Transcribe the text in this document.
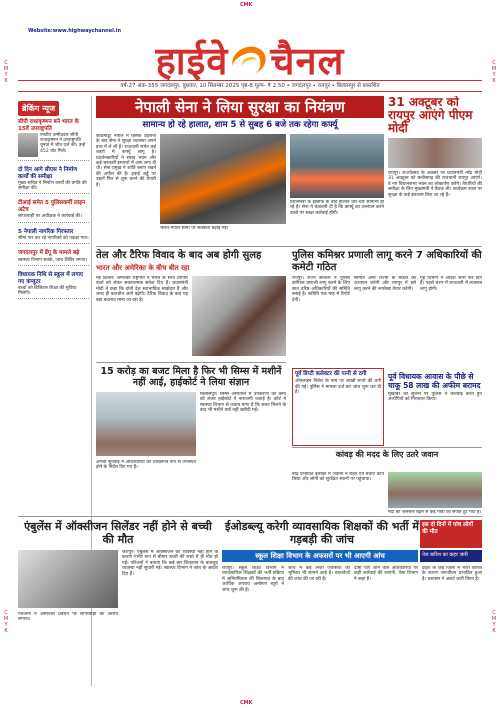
CMK
CMK
C
M
Y
K
C
M
Y
K
C
M
Y
K
C
M
Y
K
Website:www.highwaychannel.in
हाईवे चैनल
वर्ष-27 अंक-355 जगदलपुर, बुधवार, 10 सितम्बर 2025 पृष्ठ-8 मूल्य- ₹ 2.50 • जगदलपुर • रायपुर • बिलासपुर से प्रकाशित
ब्रेकिंग न्यूज
सीपी राधाकृष्णन बने भारत के 15वें उपराष्ट्रपति
एनडीए उम्मीदवार सीपी राधाकृष्णन ने उपराष्ट्रपति चुनाव में जीत दर्ज की। उन्हें 452 वोट मिले।
दो दिन आगे सीएस ने निर्माण कार्यों की समीक्षा
मुख्य सचिव ने निर्माण कार्यों की प्रगति की समीक्षा की।
टीआई समेत 5 पुलिसकर्मी लाइन अटैच
लापरवाही पर अधीक्षक ने कार्रवाई की।
5 नेपाली नागरिक गिरफ्तार
सीमा पार कर रहे नागरिकों को पकड़ा गया।
जगदलपुर में डेंगू के मामले बढ़े
स्वास्थ्य विभाग सतर्क, जांच शिविर लगाए।
विधायक निधि से स्कूल में लगाए गए कंप्यूटर
बच्चों को डिजिटल शिक्षा की सुविधा मिलेगी।
नेपाली सेना ने लिया सुरक्षा का नियंत्रण
सामान्य हो रहे हालात, शाम 5 से सुबह 6 बजे तक रहेगा कर्फ्यू
काठमांडू। नेपाल में हिंसक प्रदर्शनों के बाद सेना ने सुरक्षा व्यवस्था अपने हाथ में ले ली है। राजधानी समेत कई शहरों में कर्फ्यू लागू है। प्रदर्शनकारियों ने संसद भवन और कई सरकारी इमारतों में आग लगा दी थी। सेना प्रमुख ने शांति बनाए रखने की अपील की है। हवाई अड्डे पर उड़ानें फिर से शुरू करने की तैयारी है।
प्रधानमंत्री के इस्तीफे के बाद हालात धीरे-धीरे सामान्य हो रहे हैं। सेना ने चेतावनी दी है कि कर्फ्यू का उल्लंघन करने वालों पर सख्त कार्रवाई होगी।
भारत-नेपाल सीमा पर सतर्कता बढ़ाई गई।
31 अक्टूबर को रायपुर आएंगे पीएम मोदी
रायपुर। राज्योत्सव के अवसर पर प्रधानमंत्री नरेंद्र मोदी 31 अक्टूबर को छत्तीसगढ़ की राजधानी रायपुर आएंगे। वे नए विधानसभा भवन का लोकार्पण करेंगे। तैयारियों की समीक्षा के लिए मुख्यमंत्री ने बैठक ली। कार्यक्रम स्थल पर सुरक्षा के कड़े इंतजाम किए जा रहे हैं।
तेल और टैरिफ विवाद के बाद अब होगी सुलह
भारत और अमेरिका के बीच बीत रहा
नई दिल्ली। अमेरिकी राष्ट्रपति ने भारत के साथ व्यापार वार्ता को लेकर सकारात्मक संकेत दिए हैं। प्रधानमंत्री मोदी ने कहा कि दोनों देश स्वाभाविक साझेदार हैं और जल्द ही बातचीत आगे बढ़ेगी। टैरिफ विवाद के बाद यह बड़ा बदलाव माना जा रहा है।
पुलिस कमिश्नर प्रणाली लागू करने 7 अधिकारियों की कमेटी गठित
रायपुर। राज्य सरकार ने पुलिस कमिश्नर प्रणाली लागू करने के लिए सात वरिष्ठ अधिकारियों की समिति बनाई है। समिति एक माह में रिपोर्ट देगी।
समिति अन्य राज्यों के मॉडल का अध्ययन करेगी और रायपुर में इसे लागू करने की रूपरेखा तैयार करेगी।
गृह विभाग ने आदेश जारी कर दिए हैं। पहले चरण में राजधानी में व्यवस्था लागू होगी।
15 करोड़ का बजट मिला है फिर भी सिम्स में मशीनें नहीं आई, हाईकोर्ट ने लिया संज्ञान
बिलासपुर। सिम्स अस्पताल में उपकरणों की कमी को लेकर हाईकोर्ट ने नाराजगी जताई है। कोर्ट ने स्वास्थ्य विभाग से जवाब मांगा है कि बजट मिलने के बाद भी मशीनें क्यों नहीं खरीदी गईं।
अगली सुनवाई में अधिकारियों को व्यक्तिगत रूप से उपस्थित होने के निर्देश दिए गए हैं।
पूर्व डिप्टी कलेक्टर की पत्नी से ठगी
ऑनलाइन निवेश के नाम पर लाखों रुपये की ठगी की गई। पुलिस ने मामला दर्ज कर जांच शुरू कर दी है।
पूर्व विधायक आवास के पीछे से चाकू 58 लाख की अफीम बरामद
मुखबिर की सूचना पर पुलिस ने कार्रवाई करते हुए आरोपियों को गिरफ्तार किया।
कांवड़ की मदद के लिए उतरे जवान
बाढ़ प्रभावित इलाकों में जवानों ने राहत एवं बचाव कार्य किया और लोगों को सुरक्षित स्थानों पर पहुंचाया।
नदी का जलस्तर बढ़ने से कई गांवों का संपर्क टूट गया है।
एंबुलेंस में ऑक्सीजन सिलेंडर नहीं होने से बच्ची की मौत
परिजनों ने अस्पताल प्रबंधन पर लापरवाही का आरोप लगाया।
जशपुर। एंबुलेंस में ऑक्सीजन की व्यवस्था नहीं होने के कारण गंभीर रूप से बीमार बच्ची की रास्ते में ही मौत हो गई। परिजनों ने बताया कि कई बार शिकायत के बावजूद व्यवस्था नहीं सुधारी गई। स्वास्थ्य विभाग ने जांच के आदेश दिए हैं।
ईओडब्ल्यू करेगी व्यावसायिक शिक्षकों की भर्ती में गड़बड़ी की जांच
स्कूल शिक्षा विभाग के अफसरों पर भी आएगी आंच
रायपुर। स्कूल शिक्षा विभाग में व्यावसायिक शिक्षकों की भर्ती प्रक्रिया में अनियमितता की शिकायत के बाद आर्थिक अपराध अन्वेषण ब्यूरो ने जांच शुरू की है।
जांच में कई निजी एजेंसियों की भूमिका भी सामने आई है। दस्तावेजों की जांच की जा रही है।
दोषी पाए जाने वाले अधिकारियों पर कड़ी कार्रवाई की जाएगी, ऐसा विभाग ने कहा है।
इस दो दिनों में पांच लोगों की मौत
तेज बारिश का कहर जारी
प्रदेश के कई जिलों में भारी बारिश के कारण जनजीवन प्रभावित हुआ है। प्रशासन ने अलर्ट जारी किया है।
